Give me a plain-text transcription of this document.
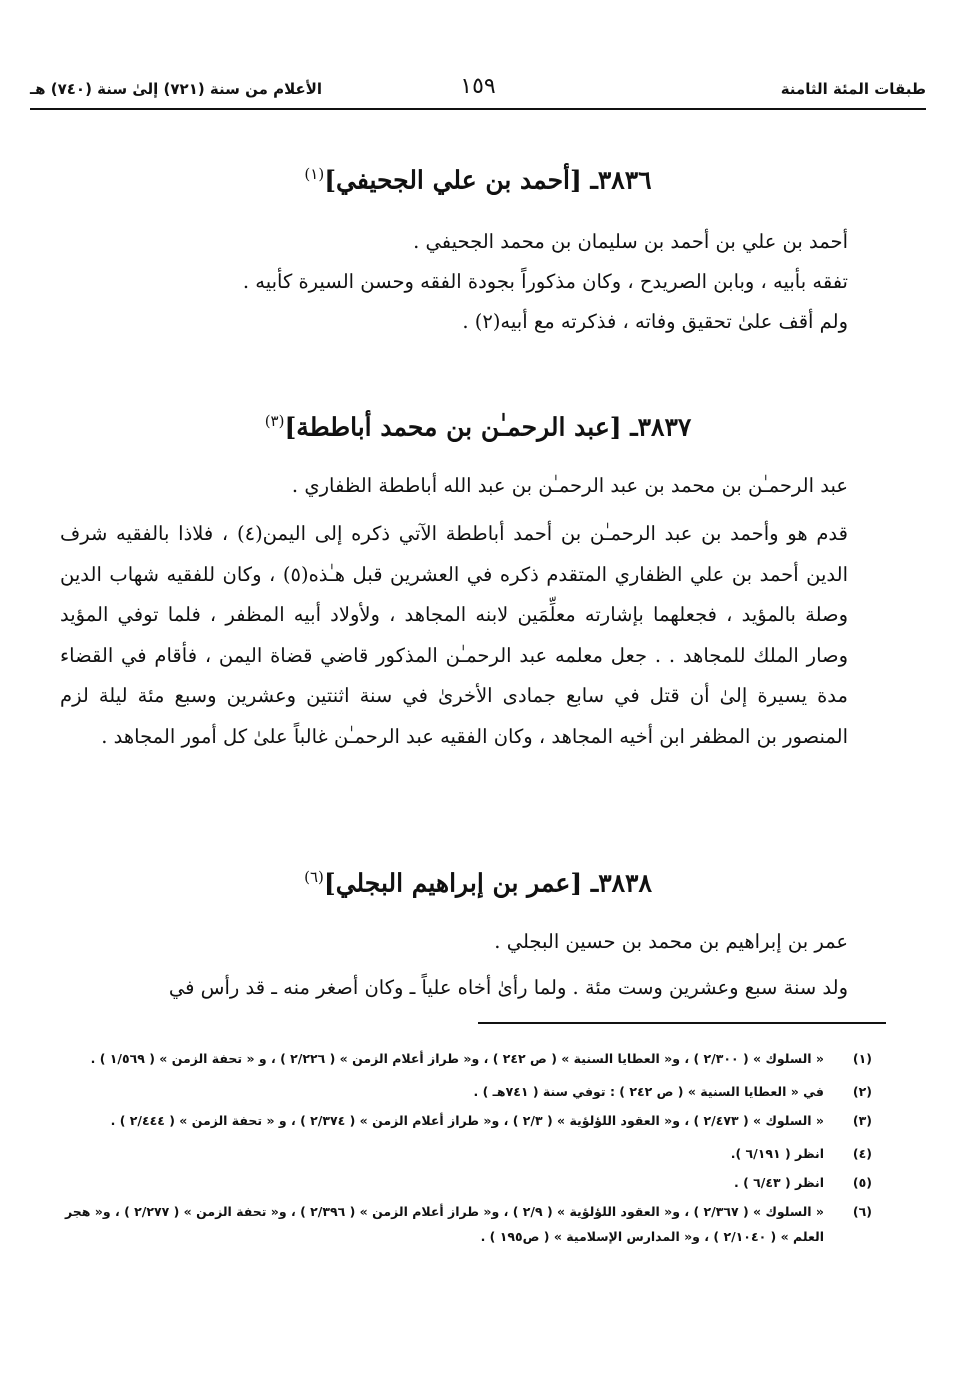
طبقات المئة الثامنة
١٥٩
الأعلام من سنة (٧٢١) إلىٰ سنة (٧٤٠) هـ
٣٨٣٦ـ [أحمد بن علي الجحيفي]$^{(١)}$

أحمد بن علي بن أحمد بن سليمان بن محمد الجحيفي .

تفقه بأبيه ، وبابن الصريدح ، وكان مذكوراً بجودة الفقه وحسن السيرة كأبيه .

ولم أقف علىٰ تحقيق وفاته ، فذكرته مع أبيه(٢) .

٣٨٣٧ـ [عبد الرحمـٰن بن محمد أباططة]$^{(٣)}$

عبد الرحمـٰن بن محمد بن عبد الرحمـٰن بن عبد الله أباططة الظفاري .

قدم هو وأحمد بن عبد الرحمـٰن بن أحمد أباططة الآتي ذكره إلى اليمن(٤) ، فلاذا بالفقيه شرف الدين أحمد بن علي الظفاري المتقدم ذكره في العشرين قبل هـٰذه(٥) ، وكان للفقيه شهاب الدين وصلة بالمؤيد ، فجعلهما بإشارته معلِّمَين لابنه المجاهد ، ولأولاد أبيه المظفر ، فلما توفي المؤيد وصار الملك للمجاهد . . جعل معلمه عبد الرحمـٰن المذكور قاضي قضاة اليمن ، فأقام في القضاء مدة يسيرة إلىٰ أن قتل في سابع جمادى الأخرىٰ في سنة اثنتين وعشرين وسبع مئة ليلة لزم المنصور بن المظفر ابن أخيه المجاهد ، وكان الفقيه عبد الرحمـٰن غالباً علىٰ كل أمور المجاهد .

٣٨٣٨ـ [عمر بن إبراهيم البجلي]$^{(٦)}$

عمر بن إبراهيم بن محمد بن حسين البجلي .

ولد سنة سبع وعشرين وست مئة . ولما رأىٰ أخاه علياً ـ وكان أصغر منه ـ قد رأس في

(١)
« السلوك » ( ٢/٣٠٠ ) ، و« العطايا السنية » ( ص ٢٤٢ ) ، و« طراز أعلام الزمن » ( ٢/٢٢٦ ) ، و « تحفة الزمن » ( ١/٥٦٩ ) .

(٢)
في « العطايا السنية » ( ص ٢٤٢ ) : توفي سنة ( ٧٤١هـ ) .

(٣)
« السلوك » ( ٢/٤٧٣ ) ، و« العقود اللؤلؤية » ( ٢/٣ ) ، و« طراز أعلام الزمن » ( ٢/٣٧٤ ) ، و « تحفة الزمن » ( ٢/٤٤٤ ) .

(٤)
انظر ( ٦/١٩١ ).

(٥)
انظر ( ٦/٤٣ ) .

(٦)
« السلوك » ( ٢/٣٦٧ ) ، و« العقود اللؤلؤية » ( ٢/٩ ) ، و« طراز أعلام الزمن » ( ٢/٣٩٦ ) ، و« تحفة الزمن » ( ٢/٢٧٧ ) ، و« هجر العلم » ( ٢/١٠٤٠ ) ، و« المدارس الإسلامية » ( ص١٩٥ ) .
